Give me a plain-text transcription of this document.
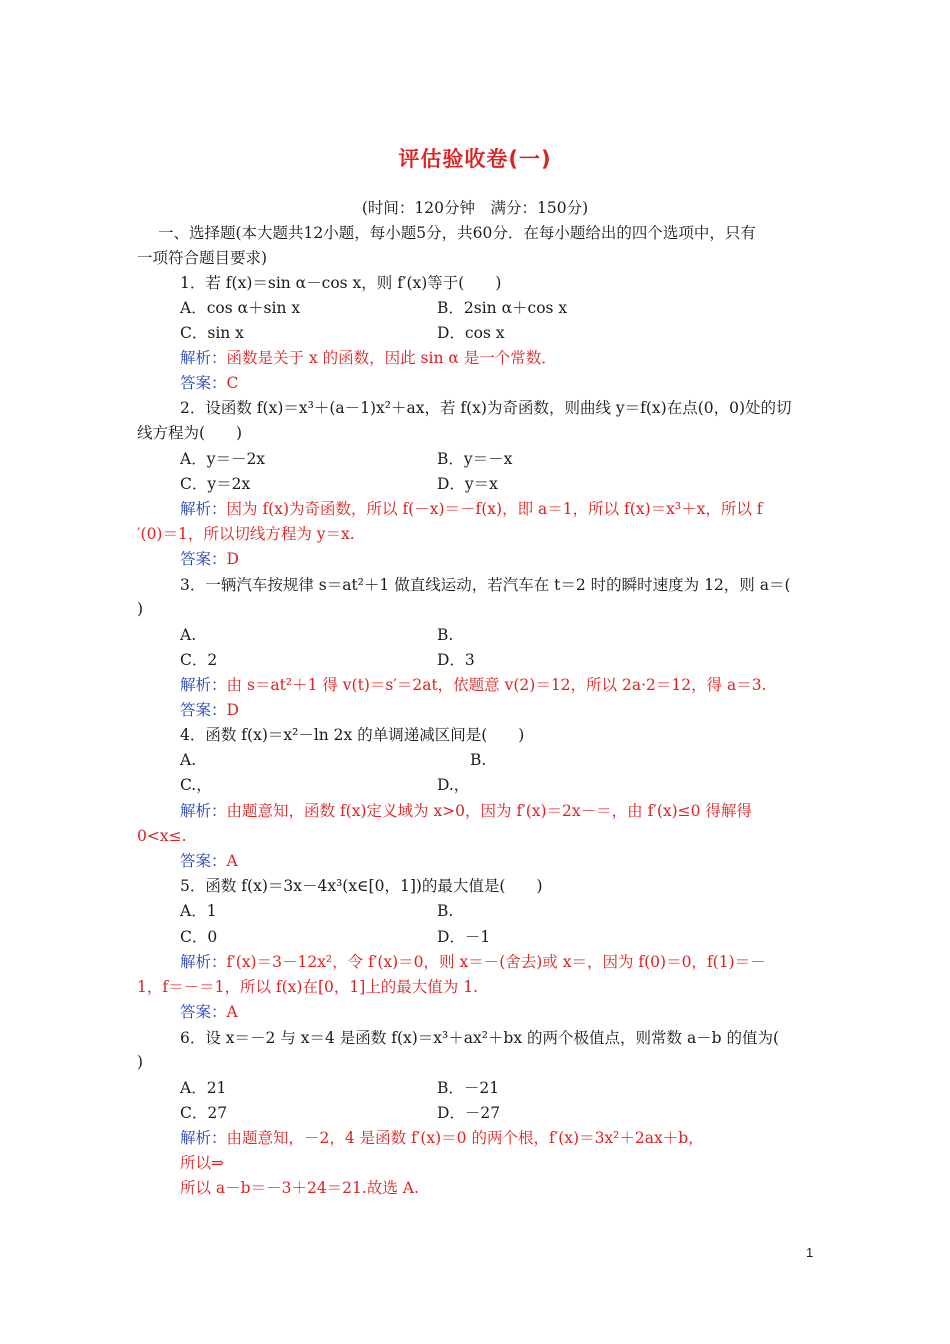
评估验收卷(一)
(时间：120分钟　满分：150分)
一、选择题(本大题共12小题，每小题5分，共60分．在每小题给出的四个选项中，只有
一项符合题目要求)
1．若 f(x)＝sin α－cos x，则 f′(x)等于(　　)
A．cos α＋sin x	B．2sin α＋cos x
C．sin x	D．cos x
解析：函数是关于 x 的函数，因此 sin α 是一个常数．
答案：C
2．设函数 f(x)＝x³＋(a－1)x²＋ax，若 f(x)为奇函数，则曲线 y＝f(x)在点(0，0)处的切
线方程为(　　)
A．y＝－2x	B．y＝－x
C．y＝2x	D．y＝x
解析：因为 f(x)为奇函数，所以 f(－x)＝－f(x)，即 a＝1，所以 f(x)＝x³＋x，所以 f
′(0)＝1，所以切线方程为 y＝x.
答案：D
3．一辆汽车按规律 s＝at²＋1 做直线运动，若汽车在 t＝2 时的瞬时速度为 12，则 a＝(
)
A.	B.
C．2	D．3
解析：由 s＝at²＋1 得 v(t)＝s′＝2at，依题意 v(2)＝12，所以 2a·2＝12，得 a＝3.
答案：D
4．函数 f(x)＝x²－ln 2x 的单调递减区间是(　　)
A.	B.
C.，	D.，
解析：由题意知，函数 f(x)定义域为 x>0，因为 f′(x)＝2x－＝，由 f′(x)≤0 得解得
0<x≤.
答案：A
5．函数 f(x)＝3x－4x³(x∈[0，1])的最大值是(　　)
A．1	B.
C．0	D．－1
解析：f′(x)＝3－12x²，令 f′(x)＝0，则 x＝－(舍去)或 x＝，因为 f(0)＝0，f(1)＝－
1，f＝－＝1，所以 f(x)在[0，1]上的最大值为 1.
答案：A
6．设 x＝－2 与 x＝4 是函数 f(x)＝x³＋ax²＋bx 的两个极值点，则常数 a－b 的值为(
)
A．21	B．－21
C．27	D．－27
解析：由题意知，－2，4 是函数 f′(x)＝0 的两个根，f′(x)＝3x²＋2ax＋b，
所以⇒
所以 a－b＝－3＋24＝21.故选 A.
1
